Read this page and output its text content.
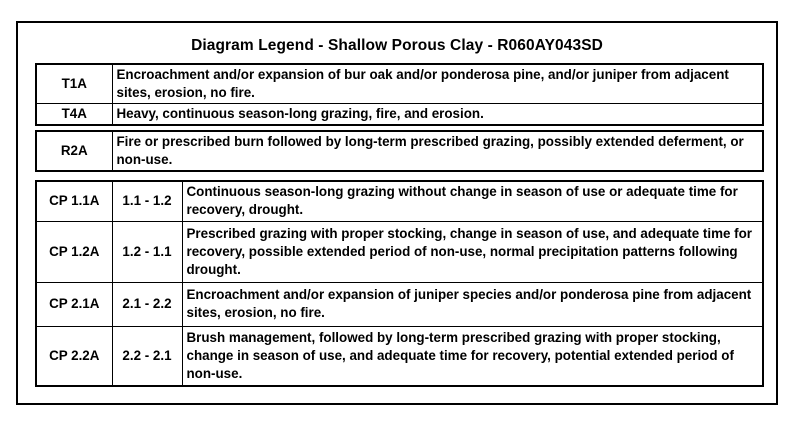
Diagram Legend - Shallow Porous Clay - R060AY043SD
T1A	Encroachment and/or expansion of bur oak and/or ponderosa pine, and/or juniper from adjacent sites, erosion, no fire.
T4A	Heavy, continuous season-long grazing, fire, and erosion.
R2A	Fire or prescribed burn followed by long-term prescribed grazing, possibly extended deferment, or non-use.
CP 1.1A	1.1 - 1.2	Continuous season-long grazing without change in season of use or adequate time for recovery, drought.
CP 1.2A	1.2 - 1.1	Prescribed grazing with proper stocking, change in season of use, and adequate time for recovery, possible extended period of non-use, normal precipitation patterns following drought.
CP 2.1A	2.1 - 2.2	Encroachment and/or expansion of juniper species and/or ponderosa pine from adjacent sites, erosion, no fire.
CP 2.2A	2.2 - 2.1	Brush management, followed by long-term prescribed grazing with proper stocking, change in season of use, and adequate time for recovery, potential extended period of non-use.
